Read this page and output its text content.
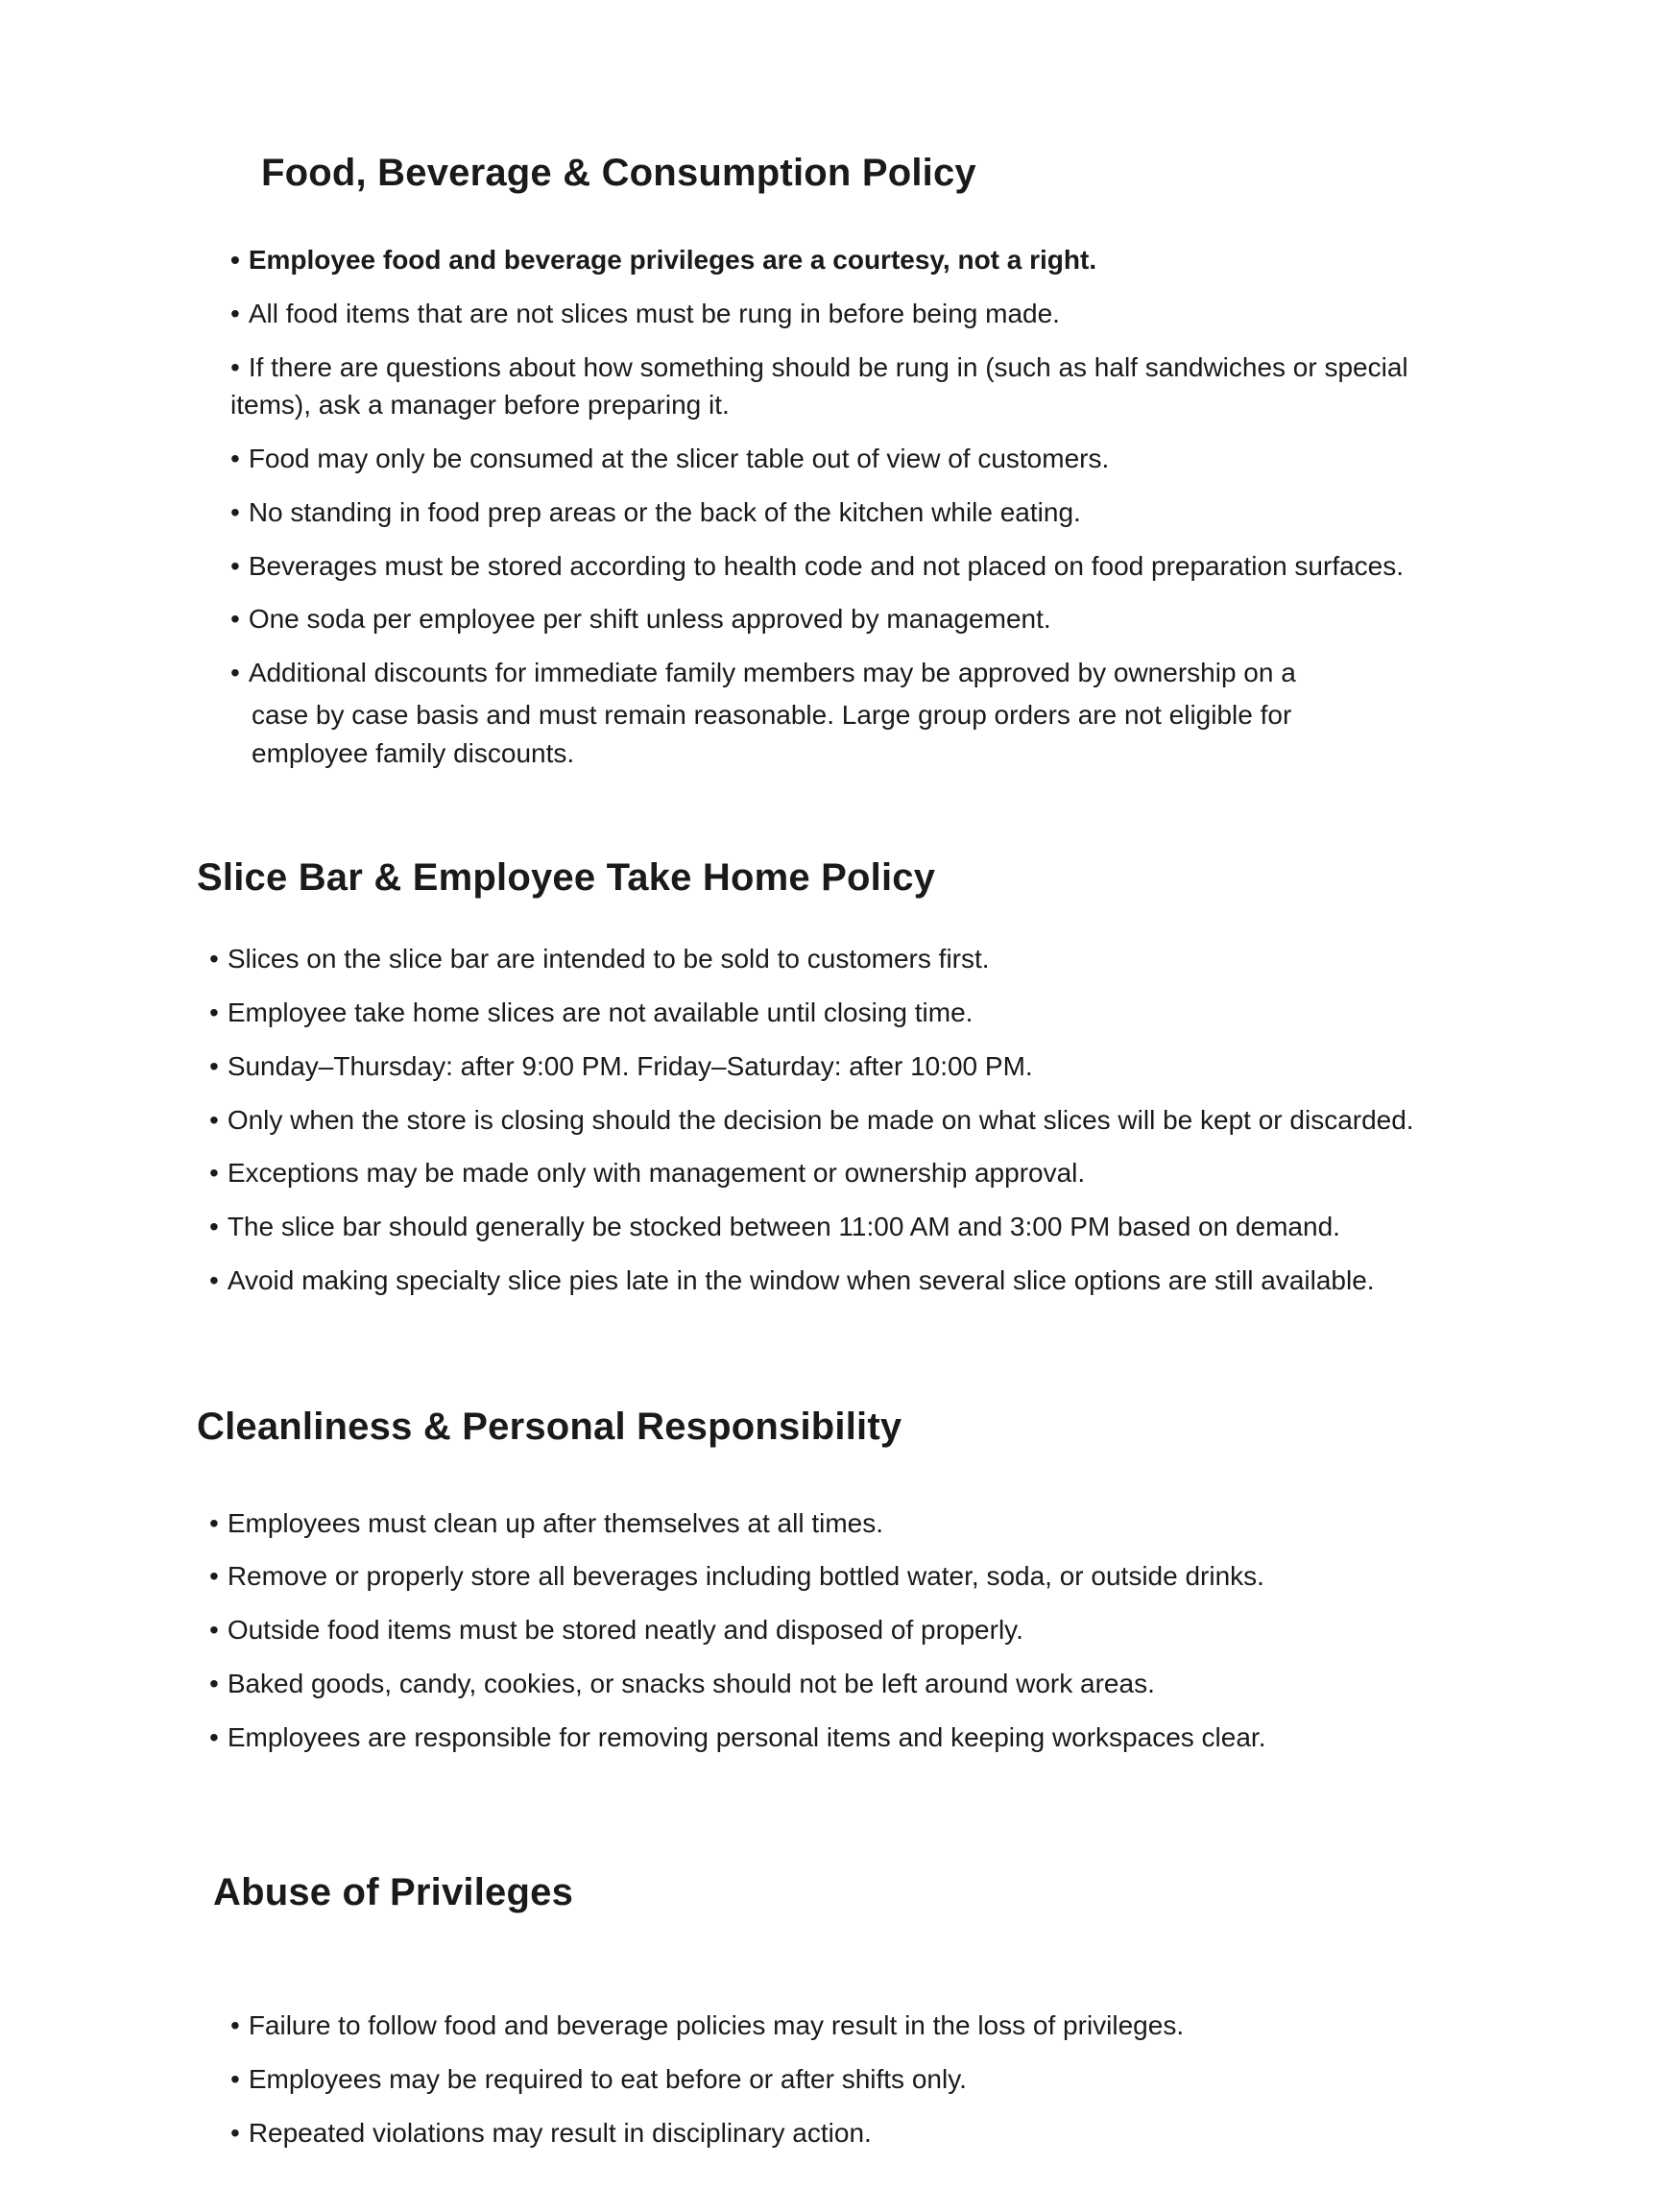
Food, Beverage & Consumption Policy
• Employee food and beverage privileges are a courtesy, not a right.
• All food items that are not slices must be rung in before being made.
• If there are questions about how something should be rung in (such as half sandwiches or special items), ask a manager before preparing it.
• Food may only be consumed at the slicer table out of view of customers.
• No standing in food prep areas or the back of the kitchen while eating.
• Beverages must be stored according to health code and not placed on food preparation surfaces.
• One soda per employee per shift unless approved by management.
• Additional discounts for immediate family members may be approved by ownership on a
case by case basis and must remain reasonable. Large group orders are not eligible for employee family discounts.
Slice Bar & Employee Take Home Policy
• Slices on the slice bar are intended to be sold to customers first.
• Employee take home slices are not available until closing time.
• Sunday–Thursday: after 9:00 PM. Friday–Saturday: after 10:00 PM.
• Only when the store is closing should the decision be made on what slices will be kept or discarded.
• Exceptions may be made only with management or ownership approval.
• The slice bar should generally be stocked between 11:00 AM and 3:00 PM based on demand.
• Avoid making specialty slice pies late in the window when several slice options are still available.
Cleanliness & Personal Responsibility
• Employees must clean up after themselves at all times.
• Remove or properly store all beverages including bottled water, soda, or outside drinks.
• Outside food items must be stored neatly and disposed of properly.
• Baked goods, candy, cookies, or snacks should not be left around work areas.
• Employees are responsible for removing personal items and keeping workspaces clear.
Abuse of Privileges
• Failure to follow food and beverage policies may result in the loss of privileges.
• Employees may be required to eat before or after shifts only.
• Repeated violations may result in disciplinary action.
